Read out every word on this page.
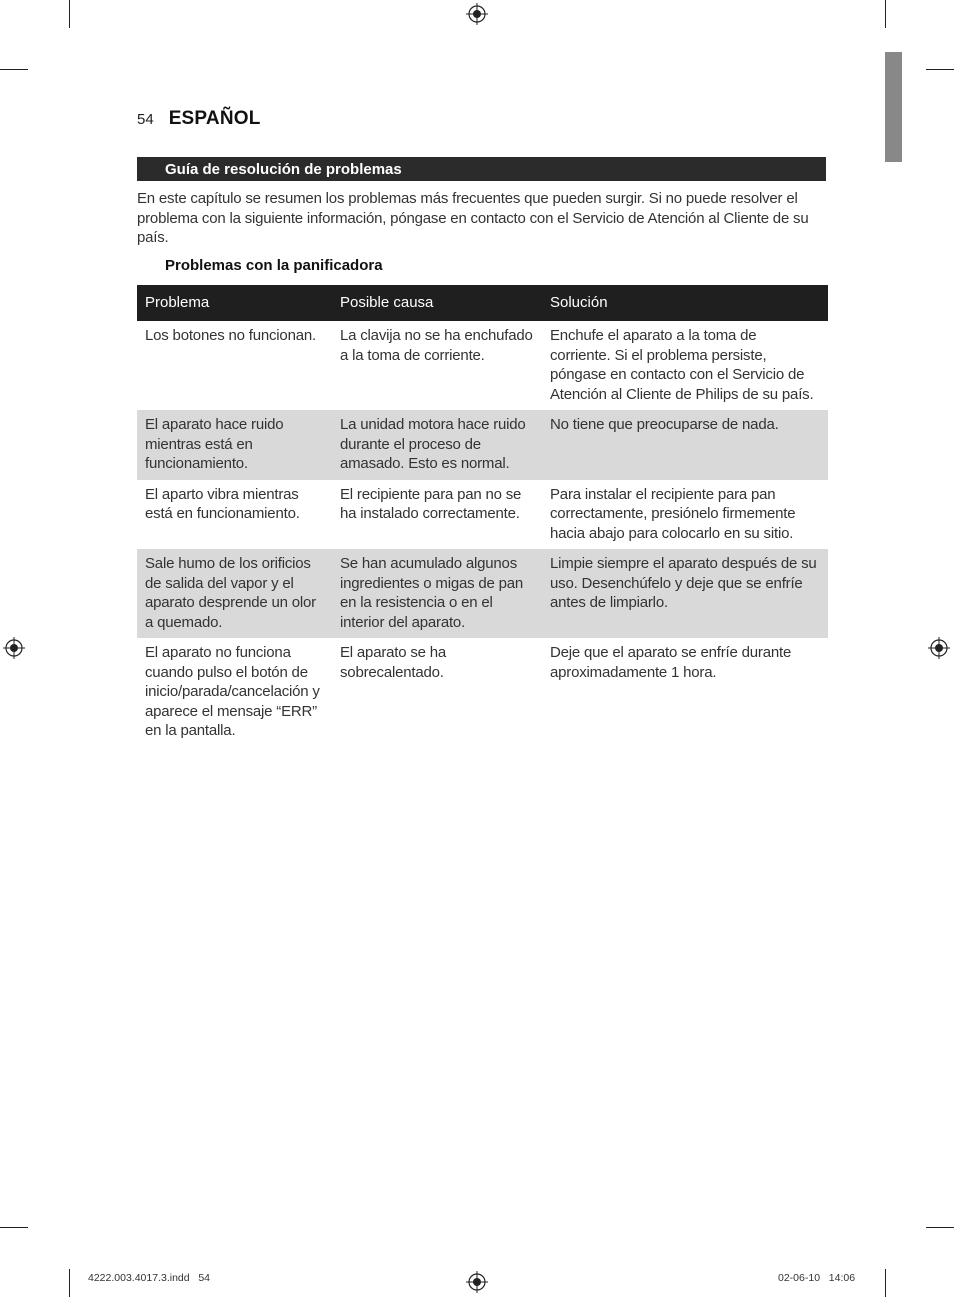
54 ESPAÑOL
Guía de resolución de problemas

En este capítulo se resumen los problemas más frecuentes que pueden surgir. Si no puede resolver el problema con la siguiente información, póngase en contacto con el Servicio de Atención al Cliente de su país.

Problemas con la panificadora
Problema	Posible causa	Solución
Los botones no funcionan.	La clavija no se ha enchufado a la toma de corriente.	Enchufe el aparato a la toma de corriente. Si el problema persiste, póngase en contacto con el Servicio de Atención al Cliente de Philips de su país.
El aparato hace ruido mientras está en funcionamiento.	La unidad motora hace ruido durante el proceso de amasado. Esto es normal.	No tiene que preocuparse de nada.
El aparto vibra mientras está en funcionamiento.	El recipiente para pan no se ha instalado correctamente.	Para instalar el recipiente para pan correctamente, presiónelo firmemente hacia abajo para colocarlo en su sitio.
Sale humo de los orificios de salida del vapor y el aparato desprende un olor a quemado.	Se han acumulado algunos ingredientes o migas de pan en la resistencia o en el interior del aparato.	Limpie siempre el aparato después de su uso. Desenchúfelo y deje que se enfríe antes de limpiarlo.
El aparato no funciona cuando pulso el botón de inicio/parada/cancelación y aparece el mensaje “ERR” en la pantalla.	El aparato se ha sobrecalentado.	Deje que el aparato se enfríe durante aproximadamente 1 hora.
4222.003.4017.3.indd   54	02-06-10   14:06
